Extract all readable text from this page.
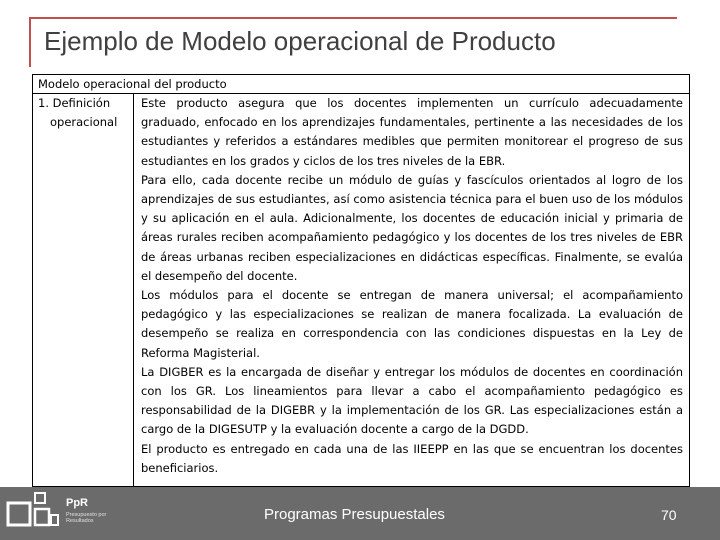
Ejemplo de Modelo operacional de Producto
Modelo operacional del producto
1. Definición
operacional

Este producto asegura que los docentes implementen un currículo adecuadamente graduado, enfocado en los aprendizajes fundamentales, pertinente a las necesidades de los estudiantes y referidos a estándares medibles que permiten monitorear el progreso de sus estudiantes en los grados y ciclos de los tres niveles de la EBR.

Para ello, cada docente recibe un módulo de guías y fascículos orientados al logro de los aprendizajes de sus estudiantes, así como asistencia técnica para el buen uso de los módulos y su aplicación en el aula. Adicionalmente, los docentes de educación inicial y primaria de áreas rurales reciben acompañamiento pedagógico y los docentes de los tres niveles de EBR de áreas urbanas reciben especializaciones en didácticas específicas. Finalmente, se evalúa el desempeño del docente.

Los módulos para el docente se entregan de manera universal; el acompañamiento pedagógico y las especializaciones se realizan de manera focalizada. La evaluación de desempeño se realiza en correspondencia con las condiciones dispuestas en la Ley de Reforma Magisterial.

La DIGBER es la encargada de diseñar y entregar los módulos de docentes en coordinación con los GR. Los lineamientos para llevar a cabo el acompañamiento pedagógico es responsabilidad de la DIGEBR y la implementación de los GR. Las especializaciones están a cargo de la DIGESUTP y la evaluación docente a cargo de la DGDD.

El producto es entregado en cada una de las IIEEPP en las que se encuentran los docentes beneficiarios.

PpR
Presupuesto por Resultados	Programas Presupuestales	70
